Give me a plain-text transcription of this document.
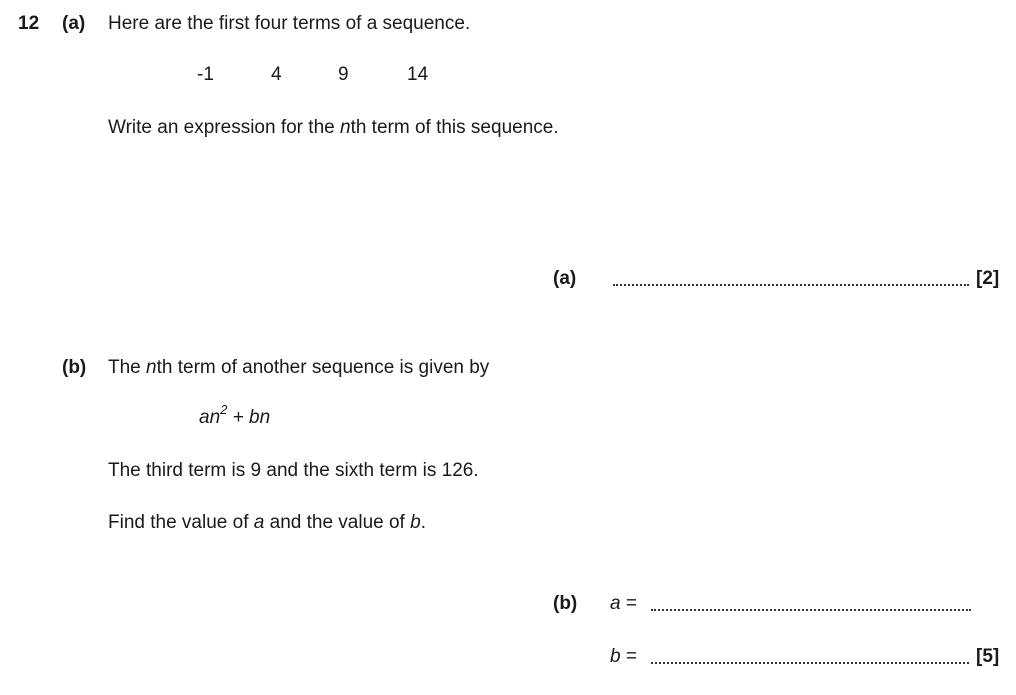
12 (a) Here are the first four terms of a sequence.
-1	4	9	14
Write an expression for the nth term of this sequence.
(a)	[2]
(b) The nth term of another sequence is given by
$an^2$ + bn
The third term is 9 and the sixth term is 126.
Find the value of a and the value of b.
(b) a =
b =	[5]
